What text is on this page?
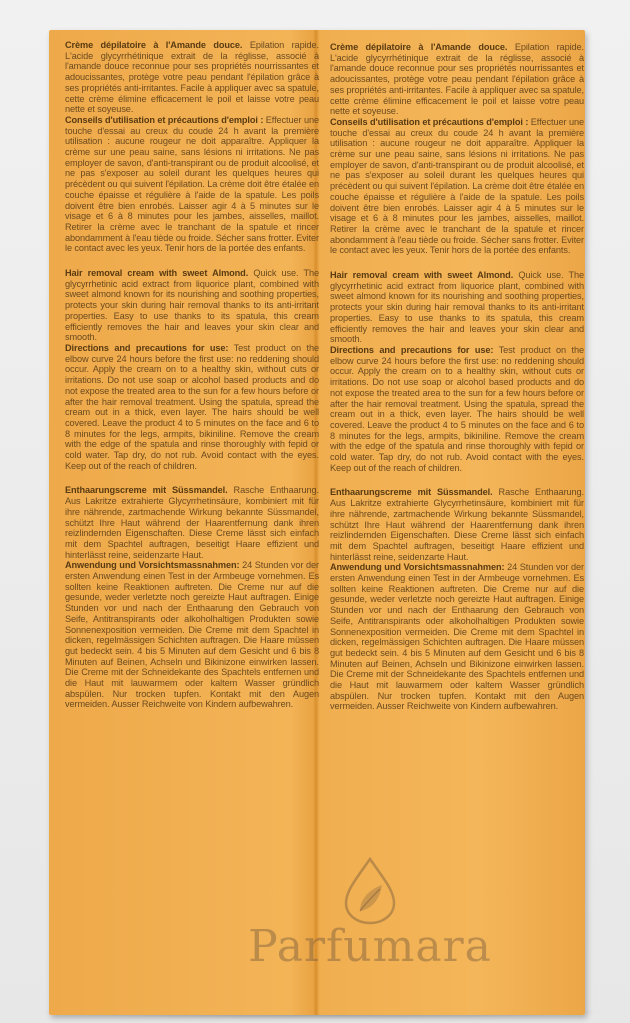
Crème dépilatoire à l'Amande douce. Epilation rapide. L'acide glycyrrhétinique extrait de la réglisse, associé à l'amande douce reconnue pour ses propriétés nourrissantes et adoucissantes, protège votre peau pendant l'épilation grâce à ses propriétés anti-irritantes. Facile à appliquer avec sa spatule, cette crème élimine efficacement le poil et laisse votre peau nette et soyeuse.

Conseils d'utilisation et précautions d'emploi : Effectuer une touche d'essai au creux du coude 24 h avant la première utilisation : aucune rougeur ne doit apparaître. Appliquer la crème sur une peau saine, sans lésions ni irritations. Ne pas employer de savon, d'anti-transpirant ou de produit alcoolisé, et ne pas s'exposer au soleil durant les quelques heures qui précèdent ou qui suivent l'épilation. La crème doit être étalée en couche épaisse et régulière à l'aide de la spatule. Les poils doivent être bien enrobés. Laisser agir 4 à 5 minutes sur le visage et 6 à 8 minutes pour les jambes, aisselles, maillot. Retirer la crème avec le tranchant de la spatule et rincer abondamment à l'eau tiède ou froide. Sécher sans frotter. Eviter le contact avec les yeux. Tenir hors de la portée des enfants.

Hair removal cream with sweet Almond. Quick use. The glycyrrhetinic acid extract from liquorice plant, combined with sweet almond known for its nourishing and soothing properties, protects your skin during hair removal thanks to its anti-irritant properties. Easy to use thanks to its spatula, this cream efficiently removes the hair and leaves your skin clear and smooth.

Directions and precautions for use: Test product on the elbow curve 24 hours before the first use: no reddening should occur. Apply the cream on to a healthy skin, without cuts or irritations. Do not use soap or alcohol based products and do not expose the treated area to the sun for a few hours before or after the hair removal treatment. Using the spatula, spread the cream out in a thick, even layer. The hairs should be well covered. Leave the product 4 to 5 minutes on the face and 6 to 8 minutes for the legs, armpits, bikiniline. Remove the cream with the edge of the spatula and rinse thoroughly with fepid or cold water. Tap dry, do not rub. Avoid contact with the eyes. Keep out of the reach of children.

Enthaarungscreme mit Süssmandel. Rasche Enthaarung. Aus Lakritze extrahierte Glycyrrhetinsäure, kombiniert mit für ihre nährende, zartmachende Wirkung bekannte Süssmandel, schützt Ihre Haut während der Haarentfernung dank ihren reizlindernden Eigenschaften. Diese Creme lässt sich einfach mit dem Spachtel auftragen, beseitigt Haare effizient und hinterlässt reine, seidenzarte Haut.

Anwendung und Vorsichtsmassnahmen: 24 Stunden vor der ersten Anwendung einen Test in der Armbeuge vornehmen. Es sollten keine Reaktionen auftreten. Die Creme nur auf die gesunde, weder verletzte noch gereizte Haut auftragen. Einige Stunden vor und nach der Enthaarung den Gebrauch von Seife, Antitranspirants oder alkoholhaltigen Produkten sowie Sonnenexposition vermeiden. Die Creme mit dem Spachtel in dicken, regelmässigen Schichten auftragen. Die Haare müssen gut bedeckt sein. 4 bis 5 Minuten auf dem Gesicht und 6 bis 8 Minuten auf Beinen, Achseln und Bikinizone einwirken lassen. Die Creme mit der Schneidekante des Spachtels entfernen und die Haut mit lauwarmem oder kaltem Wasser gründlich abspülen. Nur trocken tupfen. Kontakt mit den Augen vermeiden. Ausser Reichweite von Kindern aufbewahren.

Crème dépilatoire à l'Amande douce. Epilation rapide. L'acide glycyrrhétinique extrait de la réglisse, associé à l'amande douce reconnue pour ses propriétés nourrissantes et adoucissantes, protège votre peau pendant l'épilation grâce à ses propriétés anti-irritantes. Facile à appliquer avec sa spatule, cette crème élimine efficacement le poil et laisse votre peau nette et soyeuse.

Conseils d'utilisation et précautions d'emploi : Effectuer une touche d'essai au creux du coude 24 h avant la première utilisation : aucune rougeur ne doit apparaître. Appliquer la crème sur une peau saine, sans lésions ni irritations. Ne pas employer de savon, d'anti-transpirant ou de produit alcoolisé, et ne pas s'exposer au soleil durant les quelques heures qui précèdent ou qui suivent l'épilation. La crème doit être étalée en couche épaisse et régulière à l'aide de la spatule. Les poils doivent être bien enrobés. Laisser agir 4 à 5 minutes sur le visage et 6 à 8 minutes pour les jambes, aisselles, maillot. Retirer la crème avec le tranchant de la spatule et rincer abondamment à l'eau tiède ou froide. Sécher sans frotter. Eviter le contact avec les yeux. Tenir hors de la portée des enfants.

Hair removal cream with sweet Almond. Quick use. The glycyrrhetinic acid extract from liquorice plant, combined with sweet almond known for its nourishing and soothing properties, protects your skin during hair removal thanks to its anti-irritant properties. Easy to use thanks to its spatula, this cream efficiently removes the hair and leaves your skin clear and smooth.

Directions and precautions for use: Test product on the elbow curve 24 hours before the first use: no reddening should occur. Apply the cream on to a healthy skin, without cuts or irritations. Do not use soap or alcohol based products and do not expose the treated area to the sun for a few hours before or after the hair removal treatment. Using the spatula, spread the cream out in a thick, even layer. The hairs should be well covered. Leave the product 4 to 5 minutes on the face and 6 to 8 minutes for the legs, armpits, bikiniline. Remove the cream with the edge of the spatula and rinse thoroughly with fepid or cold water. Tap dry, do not rub. Avoid contact with the eyes. Keep out of the reach of children.

Enthaarungscreme mit Süssmandel. Rasche Enthaarung. Aus Lakritze extrahierte Glycyrrhetinsäure, kombiniert mit für ihre nährende, zartmachende Wirkung bekannte Süssmandel, schützt Ihre Haut während der Haarentfernung dank ihren reizlindernden Eigenschaften. Diese Creme lässt sich einfach mit dem Spachtel auftragen, beseitigt Haare effizient und hinterlässt reine, seidenzarte Haut.

Anwendung und Vorsichtsmassnahmen: 24 Stunden vor der ersten Anwendung einen Test in der Armbeuge vornehmen. Es sollten keine Reaktionen auftreten. Die Creme nur auf die gesunde, weder verletzte noch gereizte Haut auftragen. Einige Stunden vor und nach der Enthaarung den Gebrauch von Seife, Antitranspirants oder alkoholhaltigen Produkten sowie Sonnenexposition vermeiden. Die Creme mit dem Spachtel in dicken, regelmässigen Schichten auftragen. Die Haare müssen gut bedeckt sein. 4 bis 5 Minuten auf dem Gesicht und 6 bis 8 Minuten auf Beinen, Achseln und Bikinizone einwirken lassen. Die Creme mit der Schneidekante des Spachtels entfernen und die Haut mit lauwarmem oder kaltem Wasser gründlich abspülen. Nur trocken tupfen. Kontakt mit den Augen vermeiden. Ausser Reichweite von Kindern aufbewahren.

Parfumara
